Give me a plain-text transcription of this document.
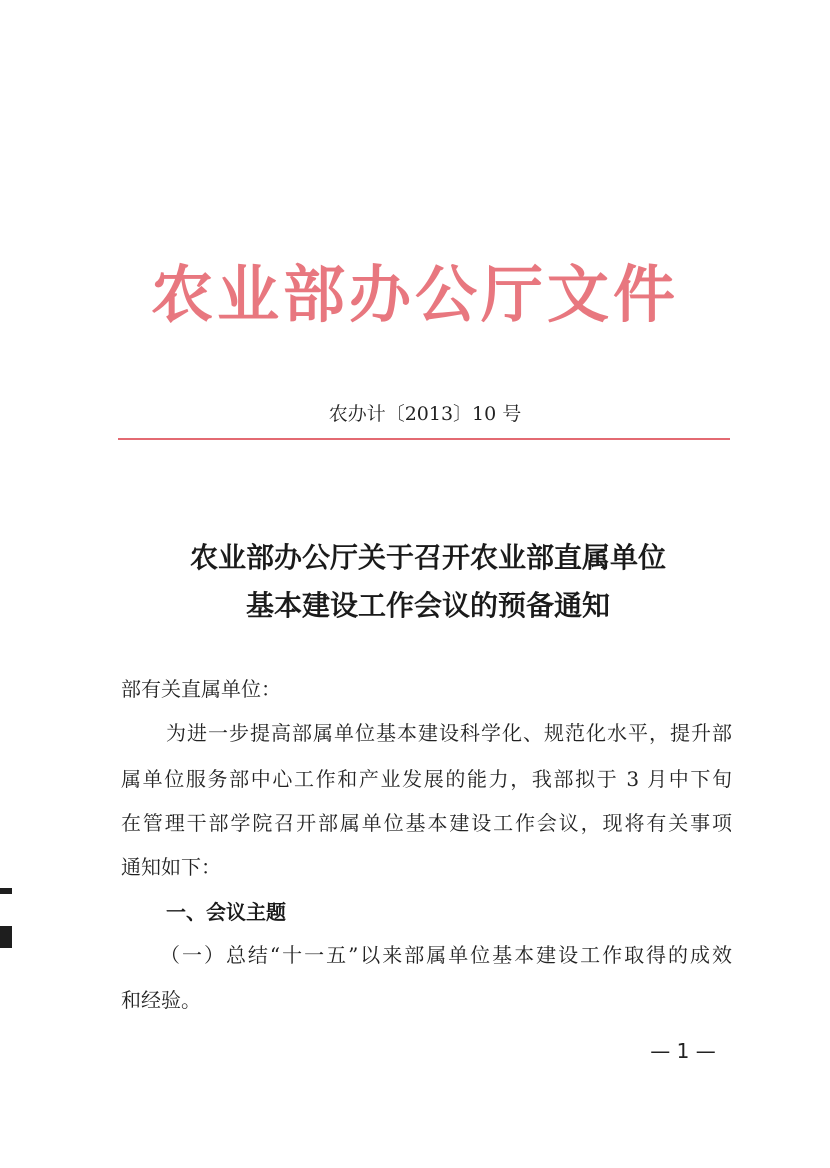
农业部办公厅文件
农办计〔2013〕10 号
农业部办公厅关于召开农业部直属单位
基本建设工作会议的预备通知
部有关直属单位：
为进一步提高部属单位基本建设科学化、规范化水平，提升部
属单位服务部中心工作和产业发展的能力，我部拟于 3 月中下旬
在管理干部学院召开部属单位基本建设工作会议，现将有关事项
通知如下：
一、会议主题
（一）总结“十一五”以来部属单位基本建设工作取得的成效
和经验。
— 1 —
